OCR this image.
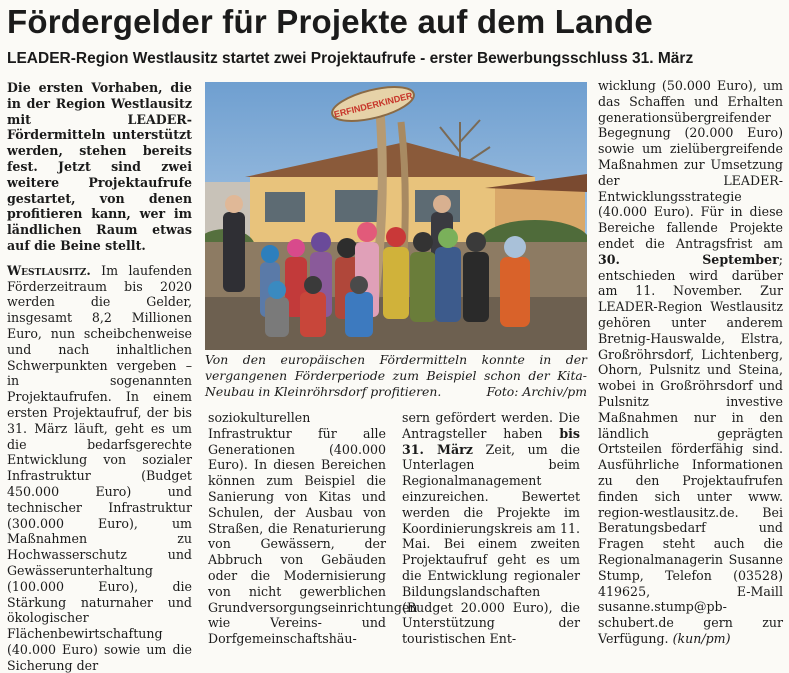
Fördergelder für Projekte auf dem Lande
LEADER-Region Westlausitz startet zwei Projektaufrufe - erster Bewerbungsschluss 31. März

Die ersten Vorhaben, die in der Region Westlausitz mit LEADER-Fördermitteln unterstützt werden, stehen bereits fest. Jetzt sind zwei weitere Projektaufrufe gestartet, von denen profitieren kann, wer im ländlichen Raum etwas auf die Beine stellt.

Westlausitz. Im laufenden Förderzeitraum bis 2020 werden die Gelder, insgesamt 8,2 Millionen Euro, nun scheibchenweise und nach inhaltlichen Schwerpunkten vergeben – in sogenannten Projektaufrufen. In einem ersten Projektaufruf, der bis 31. März läuft, geht es um die bedarfsgerechte Entwicklung von sozialer Infrastruktur (Budget 450.000 Euro) und technischer Infrastruktur (300.000 Euro), um Maßnahmen zu Hochwasserschutz und Gewässerunterhaltung (100.000 Euro), die Stärkung naturnaher und ökologischer Flächenbewirtschaftung (40.000 Euro) sowie um die Sicherung der

ERFINDERKINDER
Von den europäischen Fördermitteln konnte in der vergangenen Förderperiode zum Beispiel schon der Kita-Neubau in Kleinröhrsdorf profitieren.	Foto: Archiv/pm

soziokulturellen Infrastruktur für alle Generationen (400.000 Euro). In diesen Bereichen können zum Beispiel die Sanierung von Kitas und Schulen, der Ausbau von Straßen, die Renaturierung von Gewässern, der Abbruch von Gebäuden oder die Modernisierung von nicht gewerblichen Grundversorgungseinrichtungen wie Vereins- und Dorfgemeinschaftshäu-

sern gefördert werden. Die Antragsteller haben bis 31. März Zeit, um die Unterlagen beim Regionalmanagement einzureichen. Bewertet werden die Projekte im Koordinierungskreis am 11. Mai. Bei einem zweiten Projektaufruf geht es um die Entwicklung regionaler Bildungslandschaften (Budget 20.000 Euro), die Unterstützung der touristischen Ent-

wicklung (50.000 Euro), um das Schaffen und Erhalten generationsübergreifender Begegnung (20.000 Euro) sowie um zielübergreifende Maßnahmen zur Umsetzung der LEADER-Entwicklungsstrategie (40.000 Euro). Für in diese Bereiche fallende Projekte endet die Antragsfrist am 30. September; entschieden wird darüber am 11. November. Zur LEADER-Region Westlausitz gehören unter anderem Bretnig-Hauswalde, Elstra, Großröhrsdorf, Lichtenberg, Ohorn, Pulsnitz und Steina, wobei in Großröhrsdorf und Pulsnitz investive Maßnahmen nur in den ländlich geprägten Ortsteilen förderfähig sind. Ausführliche Informationen zu den Projektaufrufen finden sich unter www. region-westlausitz.de. Bei Beratungsbedarf und Fragen steht auch die Regionalmanagerin Susanne Stump, Telefon (03528) 419625, E-Maill susanne.stump@pb-schubert.de gern zur Verfügung. (kun/pm)
